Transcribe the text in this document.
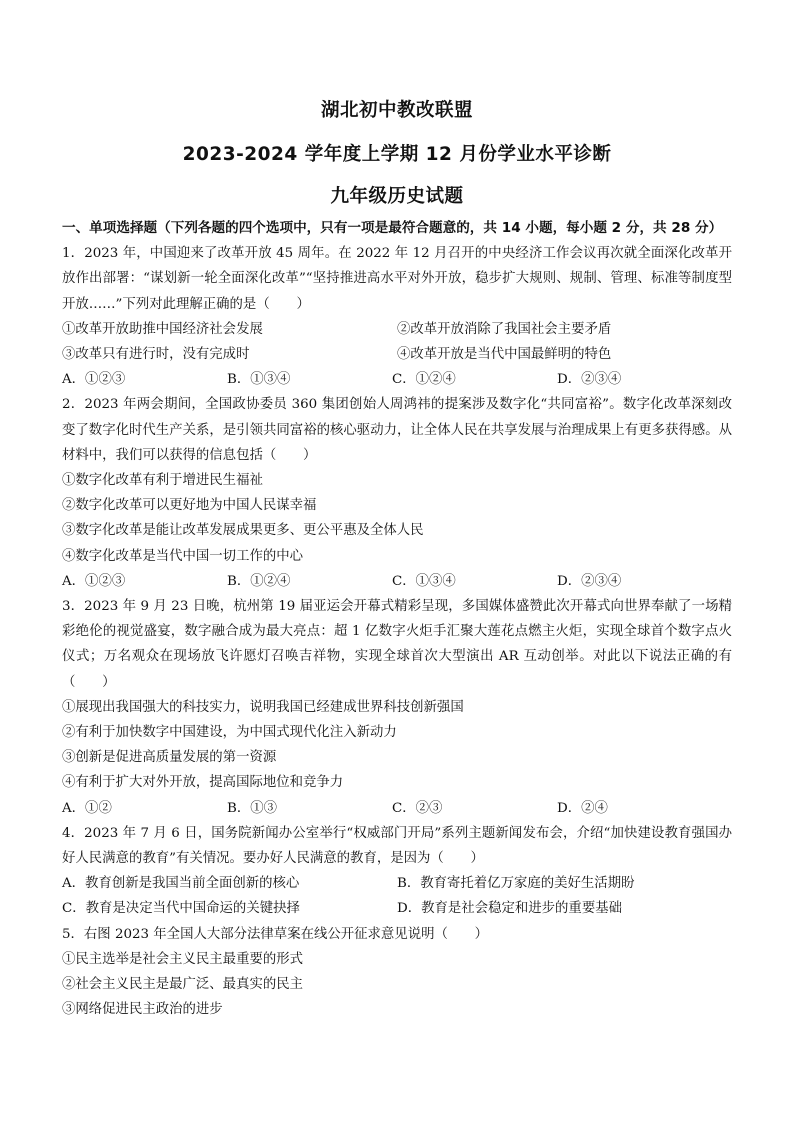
湖北初中教改联盟
2023-2024 学年度上学期 12 月份学业水平诊断
九年级历史试题
一、单项选择题（下列各题的四个选项中，只有一项是最符合题意的，共 14 小题，每小题 2 分，共 28 分）
1．2023 年，中国迎来了改革开放 45 周年。在 2022 年 12 月召开的中央经济工作会议再次就全面深化改革开放作出部署：“谋划新一轮全面深化改革”“坚持推进高水平对外开放，稳步扩大规则、规制、管理、标准等制度型开放……”下列对此理解正确的是（　　）
①改革开放助推中国经济社会发展	②改革开放消除了我国社会主要矛盾
③改革只有进行时，没有完成时	④改革开放是当代中国最鲜明的特色
A．①②③	B．①③④	C．①②④	D．②③④
2．2023 年两会期间，全国政协委员 360 集团创始人周鸿祎的提案涉及数字化“共同富裕”。数字化改革深刻改变了数字化时代生产关系，是引领共同富裕的核心驱动力，让全体人民在共享发展与治理成果上有更多获得感。从材料中，我们可以获得的信息包括（　　）
①数字化改革有利于增进民生福祉
②数字化改革可以更好地为中国人民谋幸福
③数字化改革是能让改革发展成果更多、更公平惠及全体人民
④数字化改革是当代中国一切工作的中心
A．①②③	B．①②④	C．①③④	D．②③④
3．2023 年 9 月 23 日晚，杭州第 19 届亚运会开幕式精彩呈现，多国媒体盛赞此次开幕式向世界奉献了一场精彩绝伦的视觉盛宴，数字融合成为最大亮点：超 1 亿数字火炬手汇聚大莲花点燃主火炬，实现全球首个数字点火仪式；万名观众在现场放飞许愿灯召唤吉祥物，实现全球首次大型演出 AR 互动创举。对此以下说法正确的有（　　）
①展现出我国强大的科技实力，说明我国已经建成世界科技创新强国
②有利于加快数字中国建设，为中国式现代化注入新动力
③创新是促进高质量发展的第一资源
④有利于扩大对外开放，提高国际地位和竞争力
A．①②	B．①③	C．②③	D．②④
4．2023 年 7 月 6 日，国务院新闻办公室举行“权威部门开局”系列主题新闻发布会，介绍“加快建设教育强国办好人民满意的教育”有关情况。要办好人民满意的教育，是因为（　　）
A．教育创新是我国当前全面创新的核心	B．教育寄托着亿万家庭的美好生活期盼
C．教育是决定当代中国命运的关键抉择	D．教育是社会稳定和进步的重要基础
5．右图 2023 年全国人大部分法律草案在线公开征求意见说明（　　）
①民主选举是社会主义民主最重要的形式
②社会主义民主是最广泛、最真实的民主
③网络促进民主政治的进步
